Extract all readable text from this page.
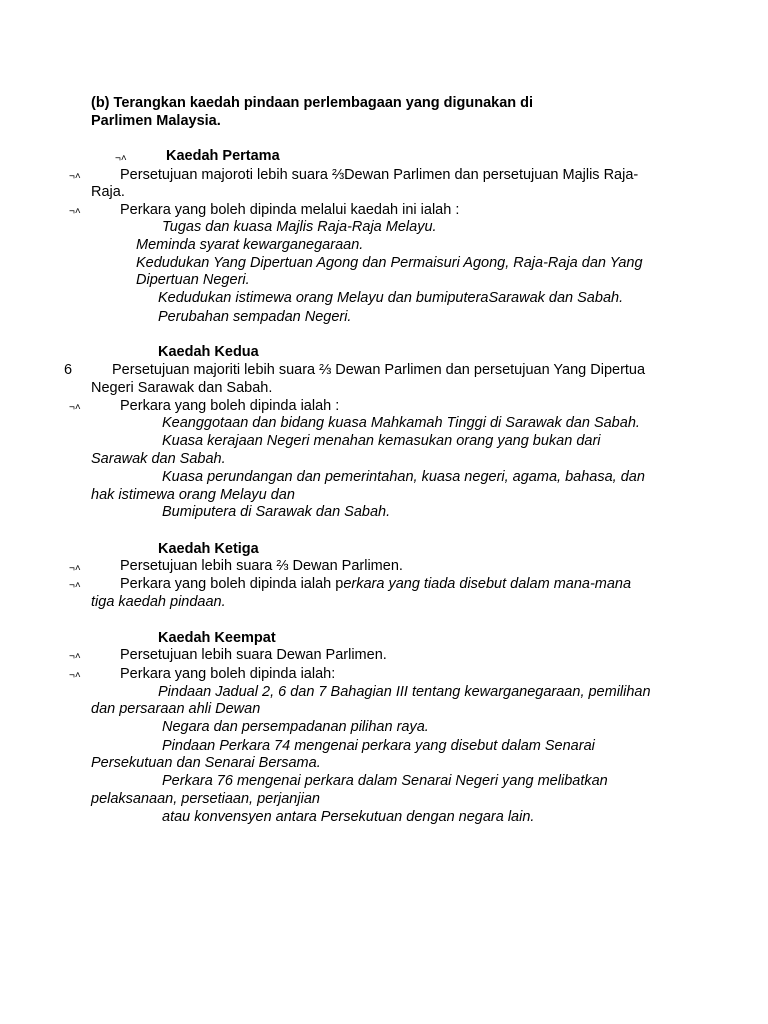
(b) Terangkan kaedah pindaan perlembagaan yang digunakan di
Parlimen Malaysia.
¬˄	Kaedah Pertama
¬˄	Persetujuan majoroti lebih suara ⅔Dewan Parlimen dan persetujuan Majlis Raja-
Raja.
¬˄	Perkara yang boleh dipinda melalui kaedah ini ialah :
Tugas dan kuasa Majlis Raja-Raja Melayu.
Meminda syarat kewarganegaraan.
Kedudukan Yang Dipertuan Agong dan Permaisuri Agong, Raja-Raja dan Yang
Dipertuan Negeri.
Kedudukan istimewa orang Melayu dan bumiputeraSarawak dan Sabah.
Perubahan sempadan Negeri.
Kaedah Kedua
6	Persetujuan majoriti lebih suara ⅔ Dewan Parlimen dan persetujuan Yang Dipertua
Negeri Sarawak dan Sabah.
¬˄	Perkara yang boleh dipinda ialah :
Keanggotaan dan bidang kuasa Mahkamah Tinggi di Sarawak dan Sabah.
Kuasa kerajaan Negeri menahan kemasukan orang yang bukan dari
Sarawak dan Sabah.
Kuasa perundangan dan pemerintahan, kuasa negeri, agama, bahasa, dan
hak istimewa orang Melayu dan
Bumiputera di Sarawak dan Sabah.
Kaedah Ketiga
¬˄	Persetujuan lebih suara ⅔ Dewan Parlimen.
¬˄	Perkara yang boleh dipinda ialah perkara yang tiada disebut dalam mana-mana
tiga kaedah pindaan.
Kaedah Keempat
¬˄	Persetujuan lebih suara Dewan Parlimen.
¬˄	Perkara yang boleh dipinda ialah:
Pindaan Jadual 2, 6 dan 7 Bahagian III tentang kewarganegaraan, pemilihan
dan persaraan ahli Dewan
Negara dan persempadanan pilihan raya.
Pindaan Perkara 74 mengenai perkara yang disebut dalam Senarai
Persekutuan dan Senarai Bersama.
Perkara 76 mengenai perkara dalam Senarai Negeri yang melibatkan
pelaksanaan, persetiaan, perjanjian
atau konvensyen antara Persekutuan dengan negara lain.
